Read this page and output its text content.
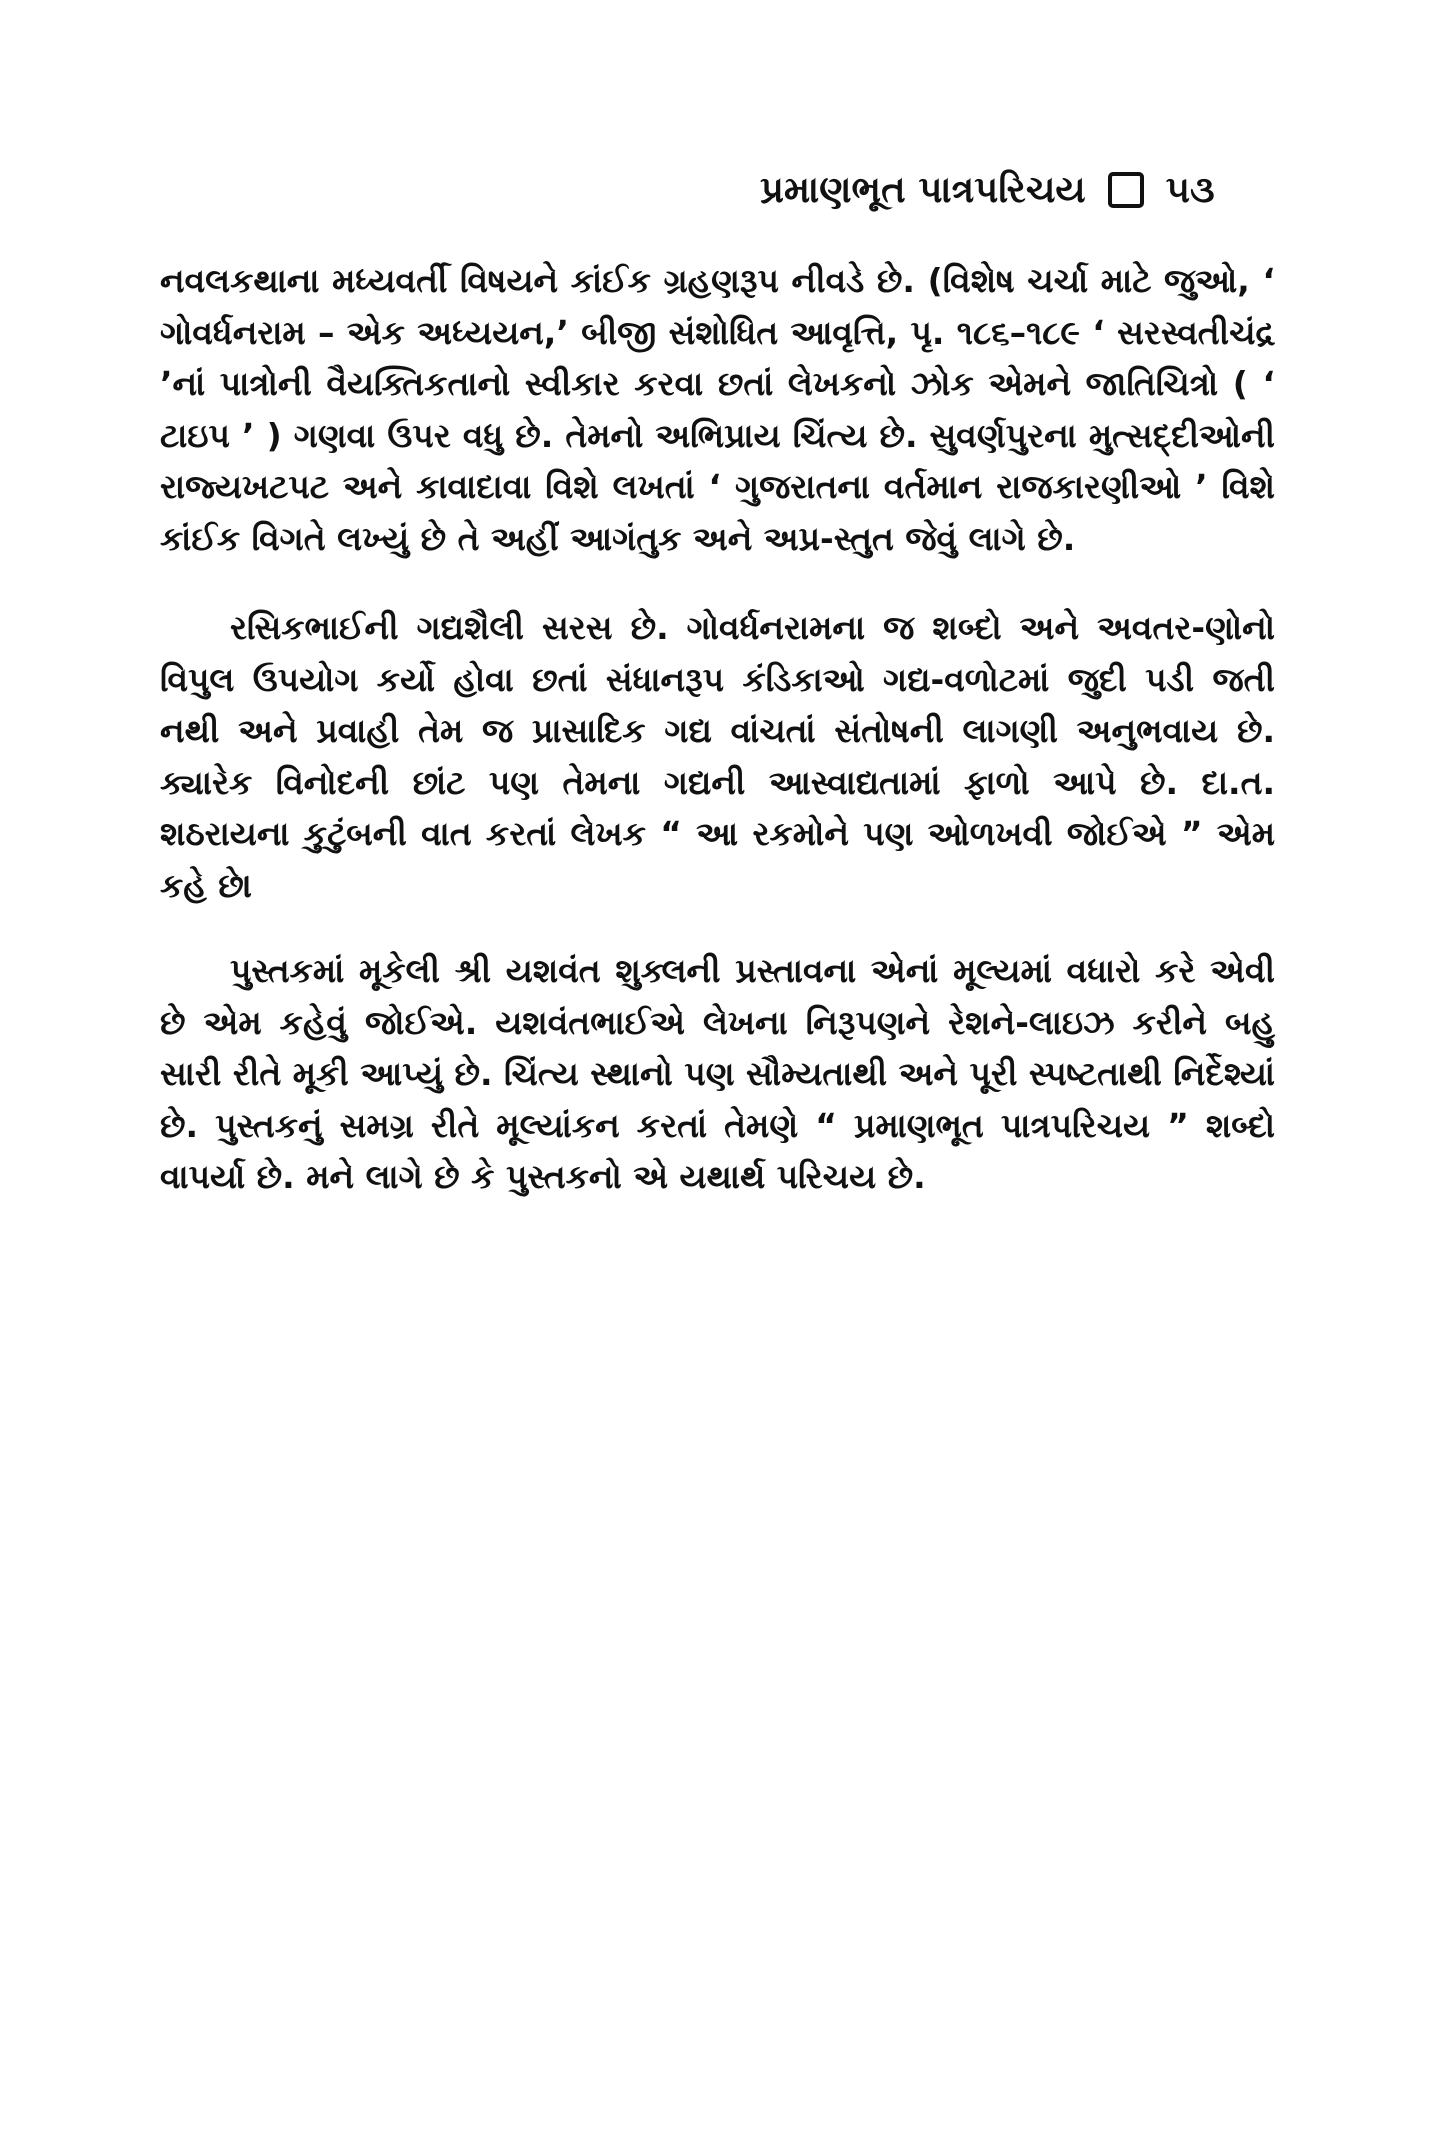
પ્રમાણભૂત પાત્રપરિચય ૫૩

નવલકથાના મધ્યવર્તી વિષયને કાંઈક ગ્રહણરૂપ નીવડે છે. (વિશેષ ચર્ચા માટે જુઓ, ‘ ગોવર્ધનરામ – એક અધ્યયન,’ બીજી સંશોધિત આવૃત્તિ, પૃ. ૧૮૬–૧૮૯ ‘ સરસ્વતીચંદ્ર ’નાં પાત્રોની વૈયક્તિકતાનો સ્વીકાર કરવા છતાં લેખકનો ઝોક એમને જાતિચિત્રો ( ‘ ટાઇપ ’ ) ગણવા ઉપર વધુ છે. તેમનો અભિપ્રાય ચિંત્ય છે. સુવર્ણપુરના મુત્સદ્દીઓની રાજ્યખટપટ અને કાવાદાવા વિશે લખતાં ‘ ગુજરાતના વર્તમાન રાજકારણીઓ ’ વિશે કાંઈક વિગતે લખ્યું છે તે અહીં આગંતુક અને અપ્ર-સ્તુત જેવું લાગે છે.

રસિકભાઈની ગદ્યશૈલી સરસ છે. ગોવર્ધનરામના જ શબ્દો અને અવતર-ણોનો વિપુલ ઉપયોગ કર્યો હોવા છતાં સંધાનરૂપ કંડિકાઓ ગદ્ય-વળોટમાં જુદી પડી જતી નથી અને પ્રવાહી તેમ જ પ્રાસાદિક ગદ્ય વાંચતાં સંતોષની લાગણી અનુભવાય છે. ક્યારેક વિનોદની છાંટ પણ તેમના ગદ્યની આસ્વાદ્યતામાં ફાળો આપે છે. દા.ત. શઠરાયના કુટુંબની વાત કરતાં લેખક “ આ રકમોને પણ ઓળખવી જોઈએ ” એમ કહે છે।

પુસ્તકમાં મૂકેલી શ્રી યશવંત શુક્લની પ્રસ્તાવના એનાં મૂલ્યમાં વધારો કરે એવી છે એમ કહેવું જોઈએ. યશવંતભાઈએ લેખના નિરૂપણને રેશને-લાઇઝ કરીને બહુ સારી રીતે મૂકી આપ્યું છે. ચિંત્ય સ્થાનો પણ સૌમ્યતાથી અને પૂરી સ્પષ્ટતાથી નિર્દેશ્યાં છે. પુસ્તકનું સમગ્ર રીતે મૂલ્યાંકન કરતાં તેમણે “ પ્રમાણભૂત પાત્રપરિચય ” શબ્દો વાપર્યા છે. મને લાગે છે કે પુસ્તકનો એ યથાર્થ પરિચય છે.
